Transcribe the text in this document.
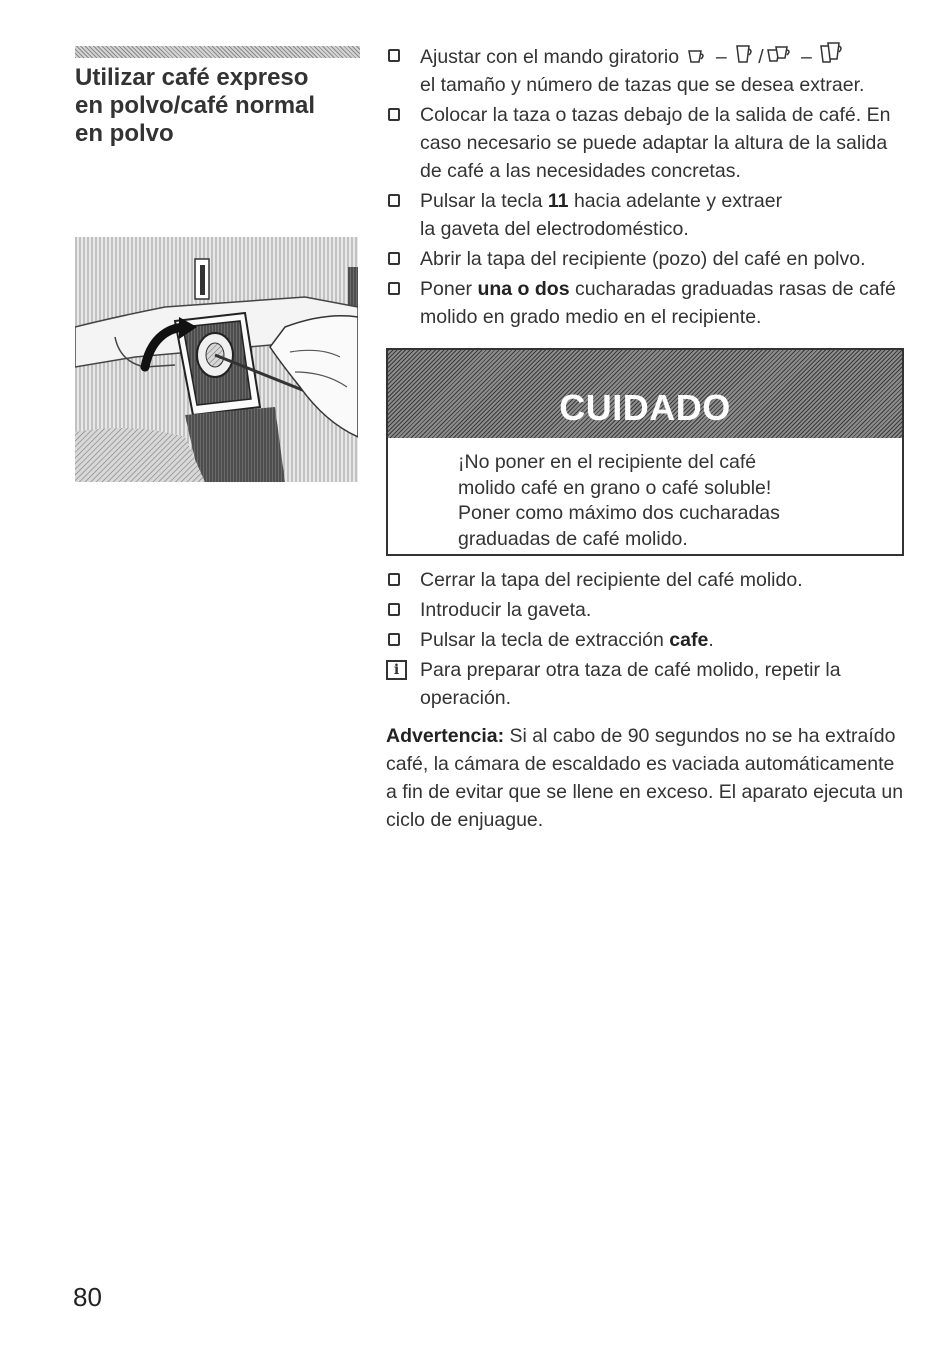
Utilizar café expreso
en polvo/café normal
en polvo
Ajustar con el mando giratorio – / –
el tamaño y número de tazas que se desea extraer.
Colocar la taza o tazas debajo de la salida de café. En caso necesario se puede adaptar la altura de la salida de café a las necesidades concretas.
Pulsar la tecla 11 hacia adelante y extraer
la gaveta del electrodoméstico.
Abrir la tapa del recipiente (pozo) del café en polvo.
Poner una o dos cucharadas graduadas rasas de café molido en grado medio en el recipiente.
CUIDADO
¡No poner en el recipiente del café
molido café en grano o café soluble!
Poner como máximo dos cucharadas
graduadas de café molido.
Cerrar la tapa del recipiente del café molido.
Introducir la gaveta.
Pulsar la tecla de extracción cafe.
i	Para preparar otra taza de café molido, repetir la operación.
Advertencia: Si al cabo de 90 segundos no se ha extraído café, la cámara de escaldado es vaciada automáticamente a fin de evitar que se llene en exceso. El aparato ejecuta un ciclo de enjuague.
80
